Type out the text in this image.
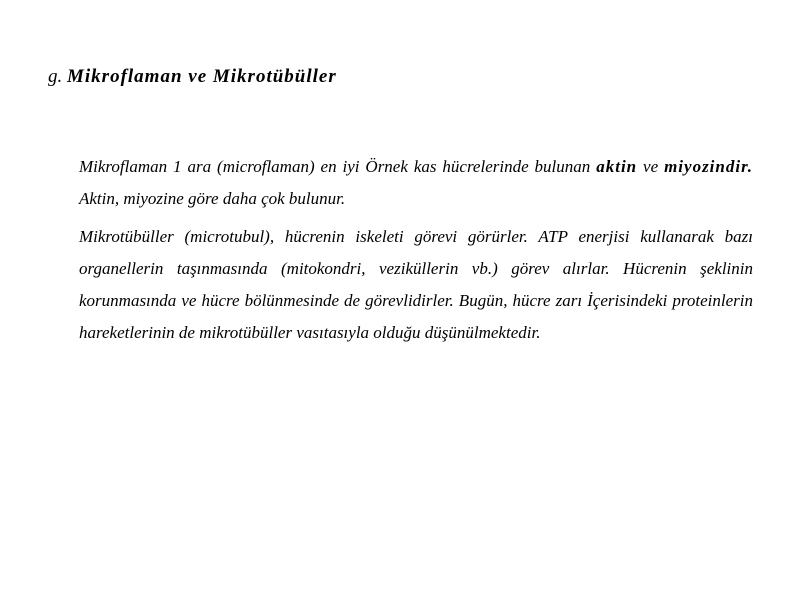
g. Mikroflaman ve Mikrotübüller

Mikroflaman 1 ara (microflaman) en iyi Örnek kas hücrelerinde bulunan aktin ve miyozindir. Aktin, miyozine göre daha çok bulunur.

Mikrotübüller (microtubul), hücrenin iskeleti görevi görürler. ATP enerjisi kullanarak bazı organellerin taşınmasında (mitokondri, veziküllerin vb.) görev alırlar. Hücrenin şeklinin korunmasında ve hücre bölünmesinde de görevlidirler. Bugün, hücre zarı İçerisindeki proteinlerin hareketlerinin de mikrotübüller vasıtasıyla olduğu düşünülmektedir.
